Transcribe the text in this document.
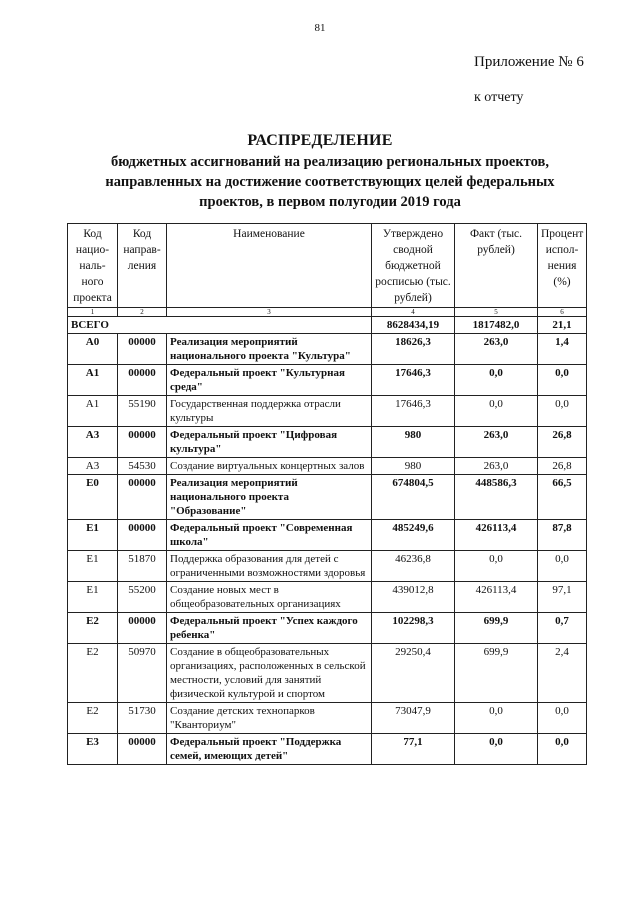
81
Приложение № 6
к отчету
РАСПРЕДЕЛЕНИЕ
бюджетных ассигнований на реализацию региональных проектов, направленных на достижение соответствующих целей федеральных проектов, в первом полугодии 2019 года
Код нацио-наль-ного проекта	Код направ-ления	Наименование	Утверждено сводной бюджетной росписью (тыс. рублей)	Факт (тыс. рублей)	Процент испол-нения (%)
1	2	3	4	5	6
ВСЕГО			8628434,19	1817482,0	21,1
А0	00000	Реализация мероприятий национального проекта "Культура"	18626,3	263,0	1,4
А1	00000	Федеральный проект "Культурная среда"	17646,3	0,0	0,0
А1	55190	Государственная поддержка отрасли культуры	17646,3	0,0	0,0
А3	00000	Федеральный проект "Цифровая культура"	980	263,0	26,8
А3	54530	Создание виртуальных концертных залов	980	263,0	26,8
Е0	00000	Реализация мероприятий национального проекта "Образование"	674804,5	448586,3	66,5
Е1	00000	Федеральный проект "Современная школа"	485249,6	426113,4	87,8
Е1	51870	Поддержка образования для детей с ограниченными возможностями здоровья	46236,8	0,0	0,0
Е1	55200	Создание новых мест в общеобразовательных организациях	439012,8	426113,4	97,1
Е2	00000	Федеральный проект "Успех каждого ребенка"	102298,3	699,9	0,7
Е2	50970	Создание в общеобразовательных организациях, расположенных в сельской местности, условий для занятий физической культурой и спортом	29250,4	699,9	2,4
Е2	51730	Создание детских технопарков "Кванториум"	73047,9	0,0	0,0
Е3	00000	Федеральный проект "Поддержка семей, имеющих детей"	77,1	0,0	0,0
